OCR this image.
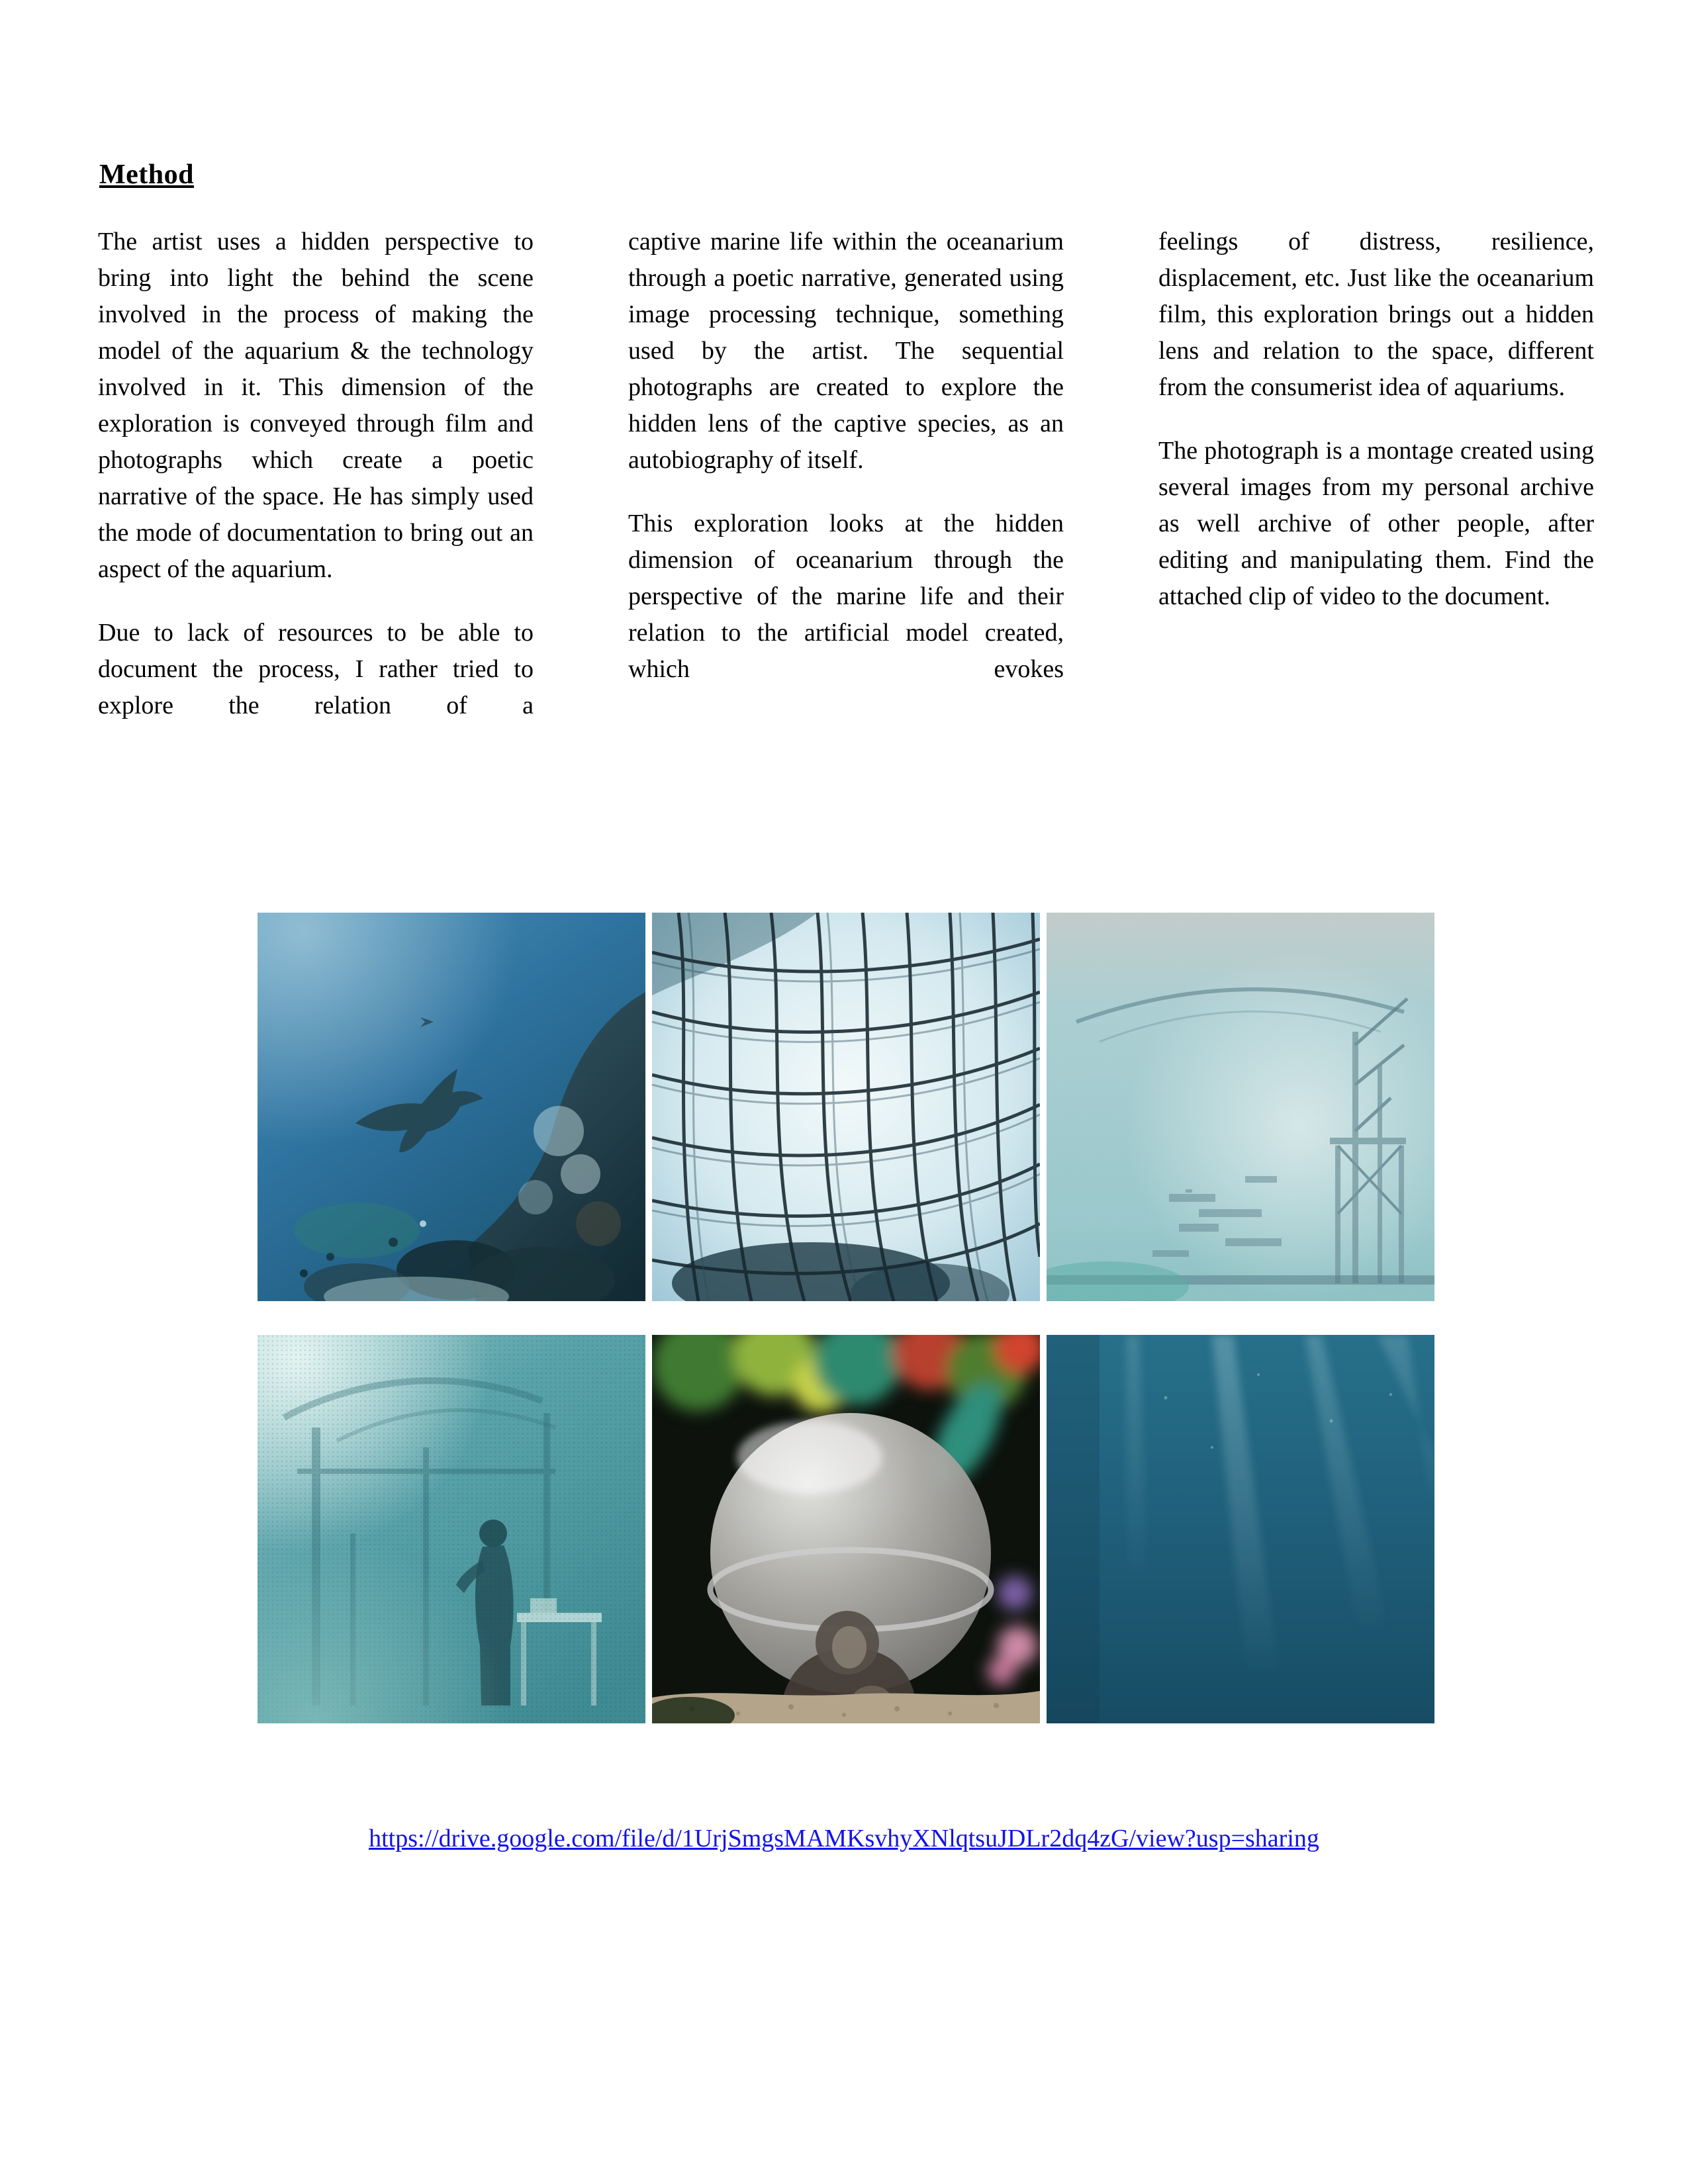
Method

The artist uses a hidden perspective to bring into light the behind the scene involved in the process of making the model of the aquarium & the technology involved in it. This dimension of the exploration is conveyed through film and photographs which create a poetic narrative of the space. He has simply used the mode of documentation to bring out an aspect of the aquarium.

Due to lack of resources to be able to document the process, I rather tried to explore the relation of a

captive marine life within the oceanarium through a poetic narrative, generated using image processing technique, something used by the artist. The sequential photographs are created to explore the hidden lens of the captive species, as an autobiography of itself.

This exploration looks at the hidden dimension of oceanarium through the perspective of the marine life and their relation to the artificial model created, which evokes

feelings of distress, resilience, displacement, etc. Just like the oceanarium film, this exploration brings out a hidden lens and relation to the space, different from the consumerist idea of aquariums.

The photograph is a montage created using several images from my personal archive as well archive of other people, after editing and manipulating them. Find the attached clip of video to the document.

https://drive.google.com/file/d/1UrjSmgsMAMKsvhyXNlqtsuJDLr2dq4zG/view?usp=sharing
